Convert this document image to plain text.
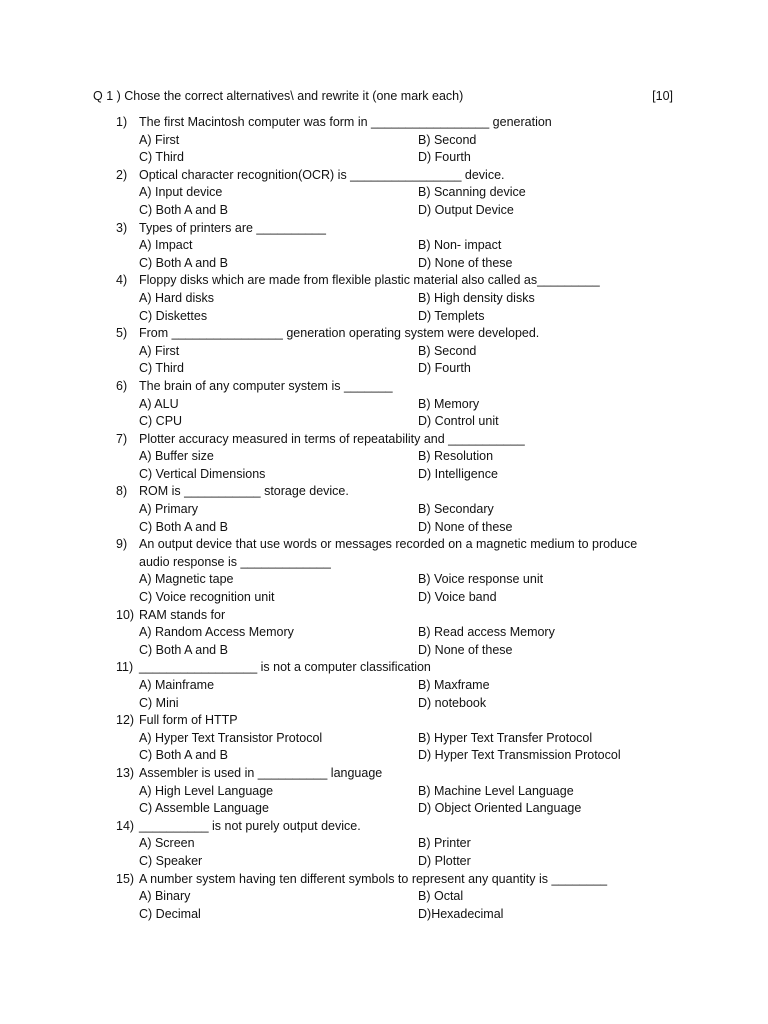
Q 1 ) Chose the correct alternatives\ and rewrite it (one mark each)	[10]
1) The first Macintosh computer was form in _________________ generation
A) First	B) Second
C) Third	D) Fourth
2) Optical character recognition(OCR) is ________________ device.
A) Input device	B) Scanning device
C) Both A and B	D) Output Device
3) Types of printers are __________
A) Impact	B) Non- impact
C) Both A and B	D) None of these
4) Floppy disks which are made from flexible plastic material also called as_________
A) Hard disks	B) High density disks
C) Diskettes	D) Templets
5) From ________________ generation operating system were developed.
A) First	B) Second
C) Third	D) Fourth
6) The brain of any computer system is _______
A) ALU	B) Memory
C) CPU	D) Control unit
7) Plotter accuracy measured in terms of repeatability and ___________
A) Buffer size	B) Resolution
C) Vertical Dimensions	D) Intelligence
8) ROM is ___________ storage device.
A) Primary	B) Secondary
C) Both A and B	D) None of these
9) An output device that use words or messages recorded on a magnetic medium to produce
audio response is _____________
A) Magnetic tape	B) Voice response unit
C) Voice recognition unit	D) Voice band
10) RAM stands for
A) Random Access Memory	B) Read access Memory
C) Both A and B	D) None of these
11) _________________ is not a computer classification
A) Mainframe	B) Maxframe
C) Mini	D) notebook
12) Full form of HTTP
A) Hyper Text Transistor Protocol	B) Hyper Text Transfer Protocol
C) Both A and B	D) Hyper Text Transmission Protocol
13) Assembler is used in __________ language
A) High Level Language	B) Machine Level Language
C) Assemble Language	D) Object Oriented Language
14) __________ is not purely output device.
A) Screen	B) Printer
C) Speaker	D) Plotter
15) A number system having ten different symbols to represent any quantity is ________
A) Binary	B) Octal
C) Decimal	D)Hexadecimal
